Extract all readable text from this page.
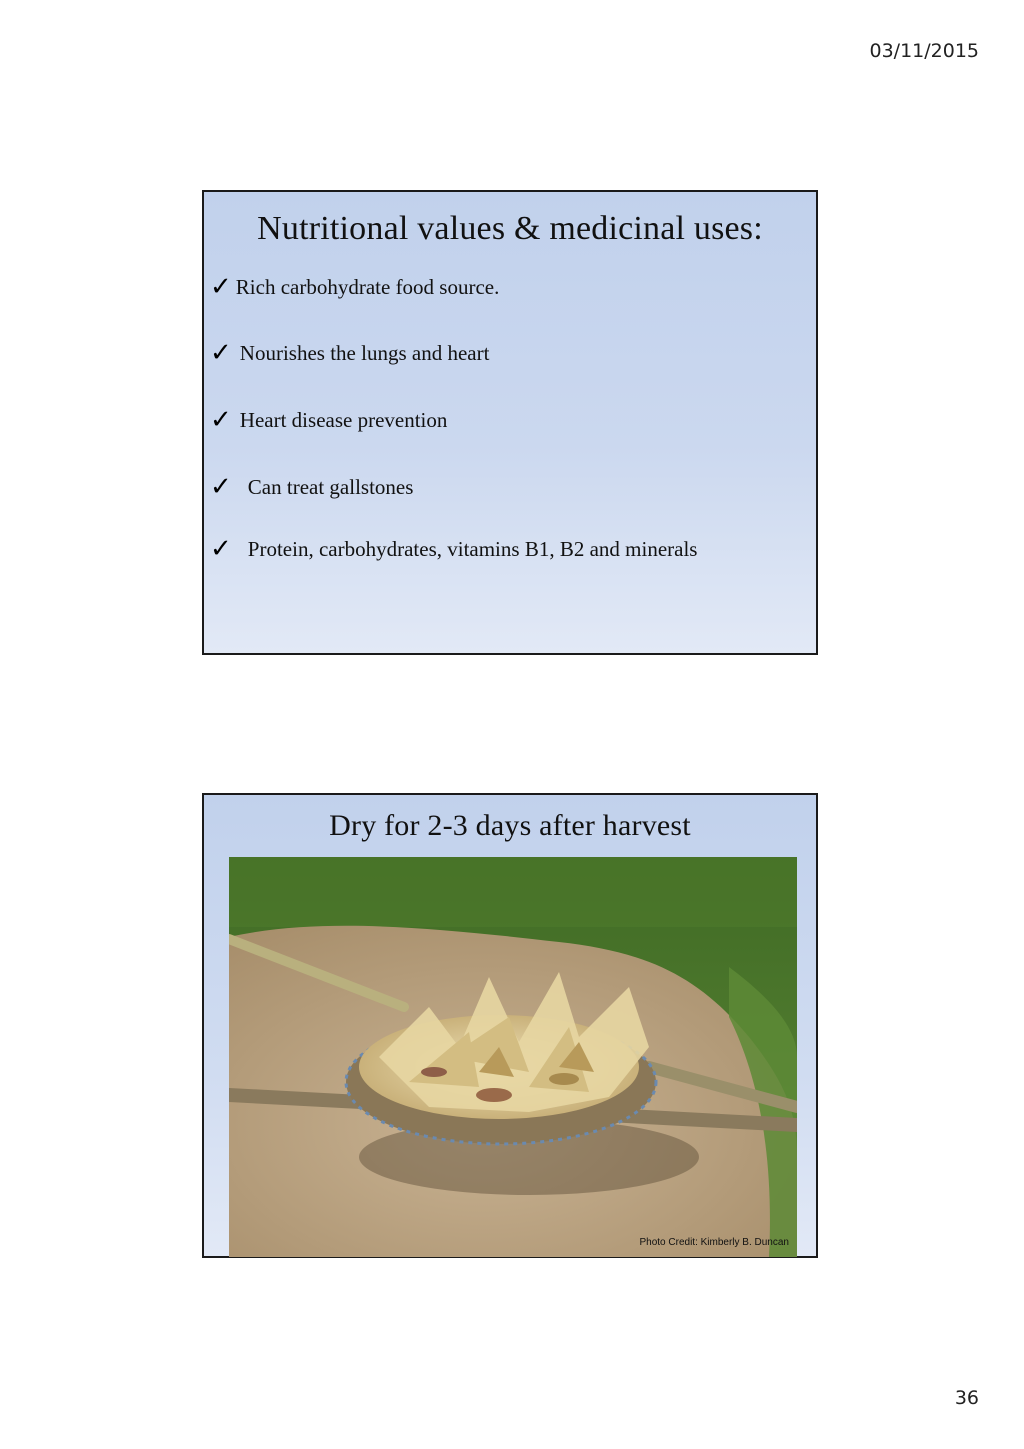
03/11/2015
Nutritional values & medicinal uses:
✓ Rich carbohydrate food source.
✓ Nourishes the lungs and heart
✓ Heart disease prevention
✓ Can treat gallstones
✓ Protein, carbohydrates, vitamins B1, B2 and minerals
Dry for 2-3 days after harvest
Photo Credit: Kimberly B. Duncan
36
